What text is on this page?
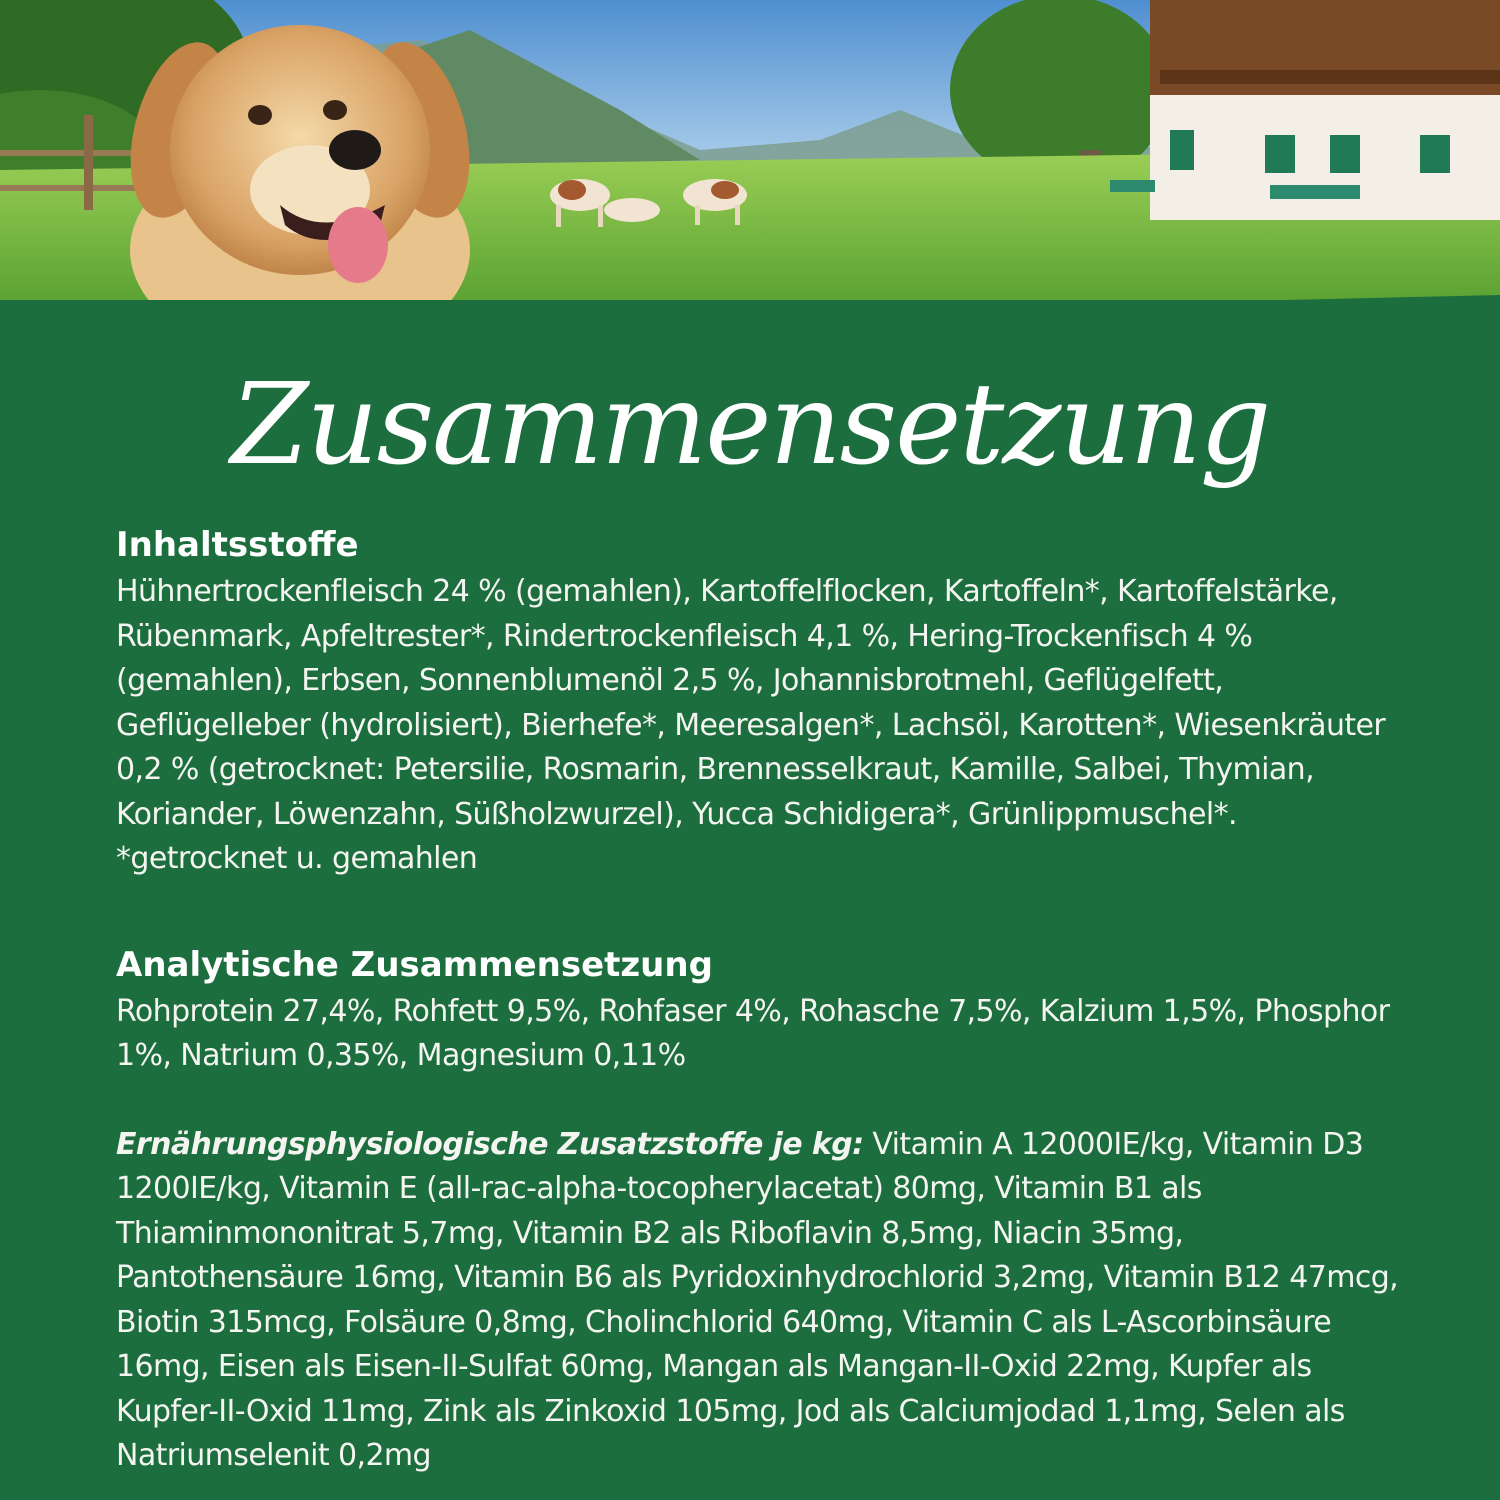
Zusammensetzung
Inhaltsstoffe

Hühnertrockenfleisch 24 % (gemahlen), Kartoffelflocken, Kartoffeln*, Kartoffelstärke, Rübenmark, Apfeltrester*, Rindertrockenfleisch 4,1 %, Hering-Trockenfisch 4 % (gemahlen), Erbsen, Sonnenblumenöl 2,5 %, Johannisbrotmehl, Geflügelfett, Geflügelleber (hydrolisiert), Bierhefe*, Meeresalgen*, Lachsöl, Karotten*, Wiesenkräuter 0,2 % (getrocknet: Petersilie, Rosmarin, Brennesselkraut, Kamille, Salbei, Thymian, Koriander, Löwenzahn, Süßholzwurzel), Yucca Schidigera*, Grünlippmuschel*. *getrocknet u. gemahlen

Analytische Zusammensetzung

Rohprotein 27,4%, Rohfett 9,5%, Rohfaser 4%, Rohasche 7,5%, Kalzium 1,5%, Phosphor 1%, Natrium 0,35%, Magnesium 0,11%

Ernährungsphysiologische Zusatzstoffe je kg: Vitamin A 12000IE/kg, Vitamin D3 1200IE/kg, Vitamin E (all-rac-alpha-tocopherylacetat) 80mg, Vitamin B1 als Thiaminmononitrat 5,7mg, Vitamin B2 als Riboflavin 8,5mg, Niacin 35mg, Pantothensäure 16mg, Vitamin B6 als Pyridoxinhydrochlorid 3,2mg, Vitamin B12 47mcg, Biotin 315mcg, Folsäure 0,8mg, Cholinchlorid 640mg, Vitamin C als L-Ascorbinsäure 16mg, Eisen als Eisen-II-Sulfat 60mg, Mangan als Mangan-II-Oxid 22mg, Kupfer als Kupfer-II-Oxid 11mg, Zink als Zinkoxid 105mg, Jod als Calciumjodad 1,1mg, Selen als Natriumselenit 0,2mg
